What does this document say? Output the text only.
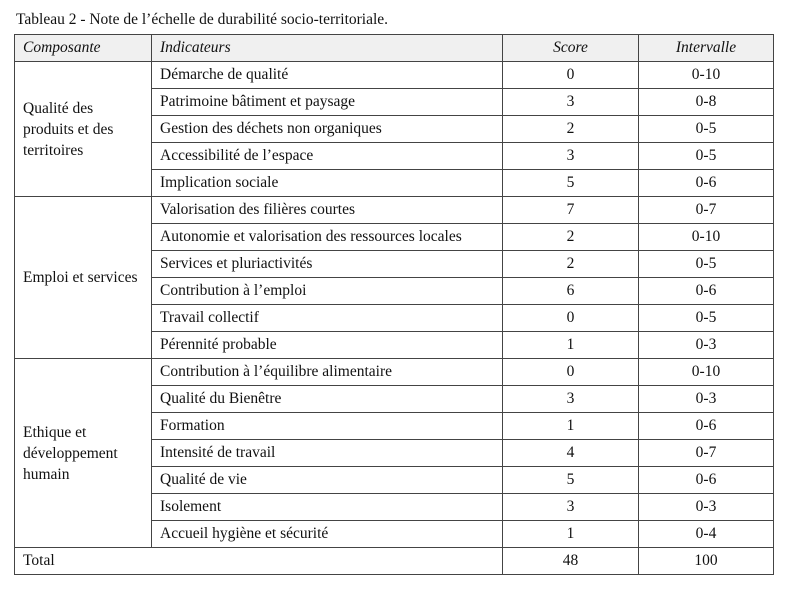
Tableau 2 - Note de l’échelle de durabilité socio-territoriale.
Composante	Indicateurs	Score	Intervalle
Qualité des produits et des territoires	Démarche de qualité	0	0-10
	Patrimoine bâtiment et paysage	3	0-8
	Gestion des déchets non organiques	2	0-5
	Accessibilité de l’espace	3	0-5
	Implication sociale	5	0-6
Emploi et services	Valorisation des filières courtes	7	0-7
	Autonomie et valorisation des ressources locales	2	0-10
	Services et pluriactivités	2	0-5
	Contribution à l’emploi	6	0-6
	Travail collectif	0	0-5
	Pérennité probable	1	0-3
Ethique et développement humain	Contribution à l’équilibre alimentaire	0	0-10
	Qualité du Bienêtre	3	0-3
	Formation	1	0-6
	Intensité de travail	4	0-7
	Qualité de vie	5	0-6
	Isolement	3	0-3
	Accueil hygiène et sécurité	1	0-4
Total		48	100
